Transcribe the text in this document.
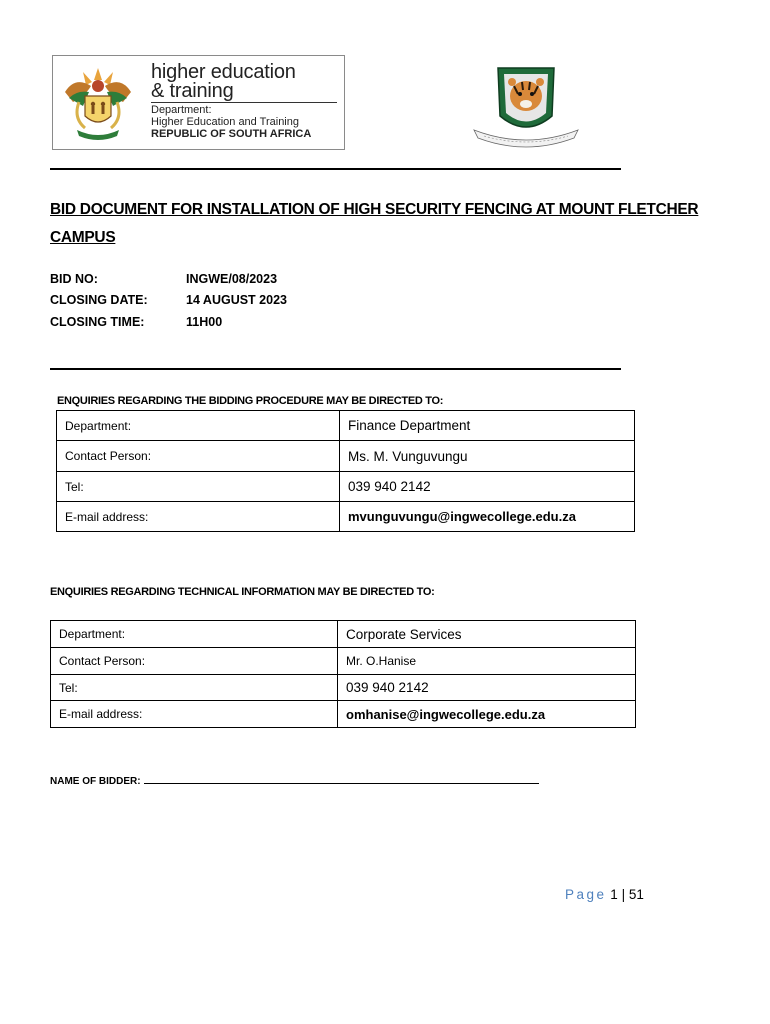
higher education
& training
Department:
Higher Education and Training
REPUBLIC OF SOUTH AFRICA
BID DOCUMENT FOR INSTALLATION OF HIGH SECURITY FENCING AT MOUNT FLETCHER CAMPUS
BID NO:	INGWE/08/2023
CLOSING DATE:	14 AUGUST 2023
CLOSING TIME:	11H00
ENQUIRIES REGARDING THE BIDDING PROCEDURE MAY BE DIRECTED TO:
Department:	Finance Department
Contact Person:	Ms. M. Vunguvungu
Tel:	039 940 2142
E-mail address:	mvunguvungu@ingwecollege.edu.za
ENQUIRIES REGARDING TECHNICAL INFORMATION MAY BE DIRECTED TO:
Department:	Corporate Services
Contact Person:	Mr. O.Hanise
Tel:	039 940 2142
E-mail address:	omhanise@ingwecollege.edu.za
NAME OF BIDDER:
Page 1 | 51
